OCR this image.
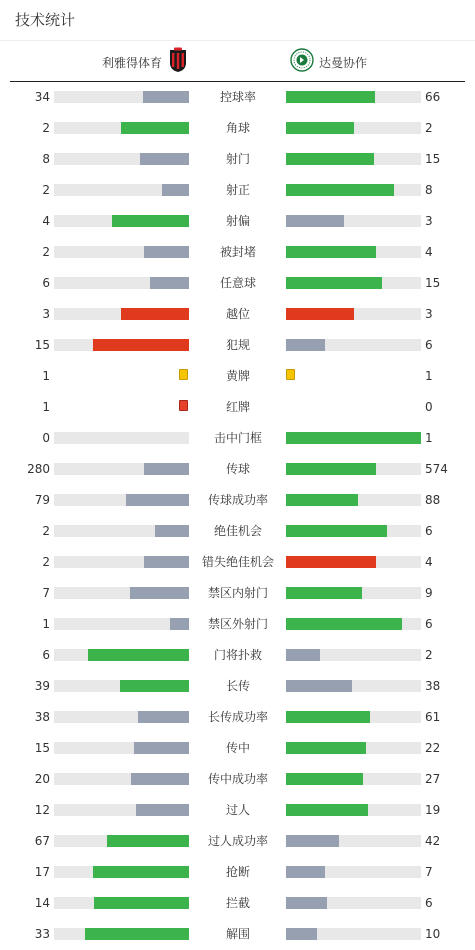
技术统计
利雅得体育	达曼协作
34	控球率	66
2	角球	2
8	射门	15
2	射正	8
4	射偏	3
2	被封堵	4
6	任意球	15
3	越位	3
15	犯规	6
1	黄牌	1
1	红牌	0
0	击中门框	1
280	传球	574
79	传球成功率	88
2	绝佳机会	6
2	错失绝佳机会	4
7	禁区内射门	9
1	禁区外射门	6
6	门将扑救	2
39	长传	38
38	长传成功率	61
15	传中	22
20	传中成功率	27
12	过人	19
67	过人成功率	42
17	抢断	7
14	拦截	6
33	解围	10
